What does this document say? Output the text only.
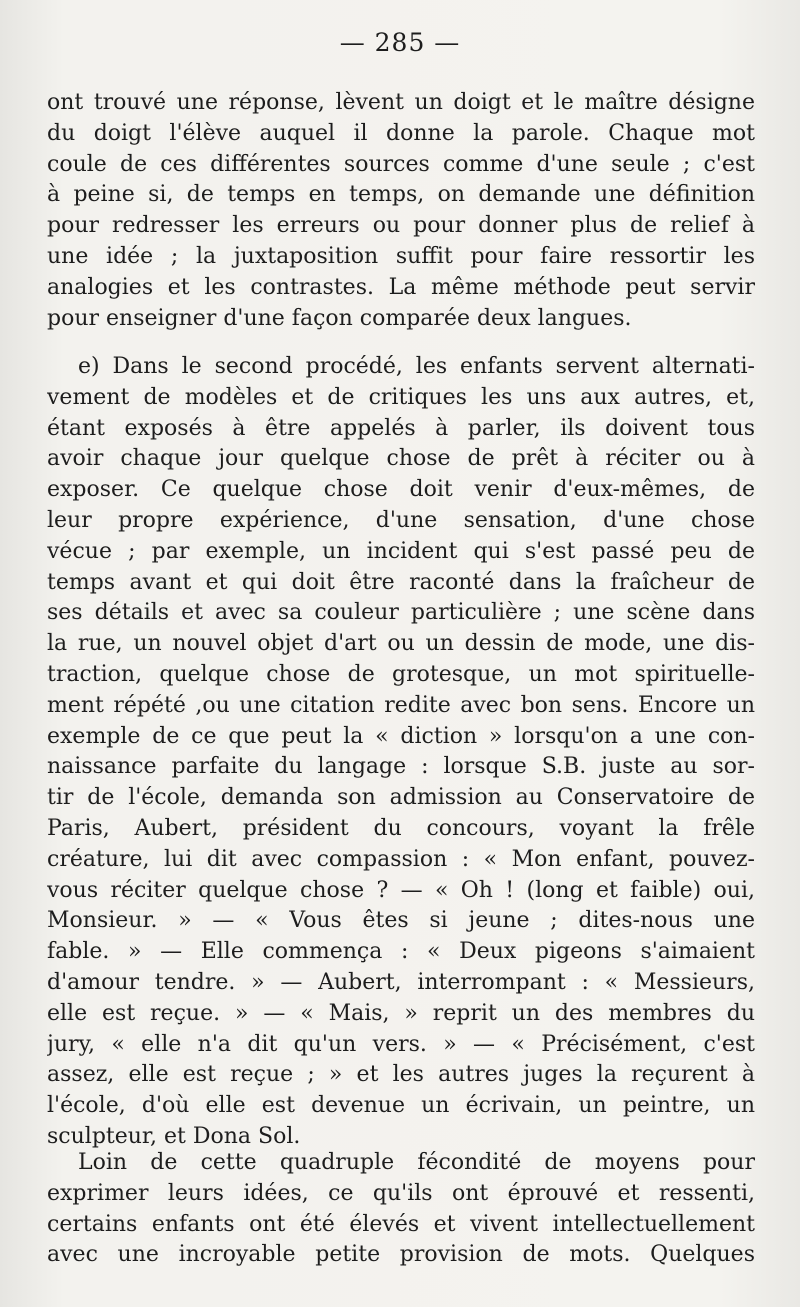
— 285 —
ont trouvé une réponse, lèvent un doigt et le maître désigne
du doigt l'élève auquel il donne la parole. Chaque mot
coule de ces différentes sources comme d'une seule ; c'est
à peine si, de temps en temps, on demande une définition
pour redresser les erreurs ou pour donner plus de relief à
une idée ; la juxtaposition suffit pour faire ressortir les
analogies et les contrastes. La même méthode peut servir
pour enseigner d'une façon comparée deux langues.
e) Dans le second procédé, les enfants servent alternati-
vement de modèles et de critiques les uns aux autres, et,
étant exposés à être appelés à parler, ils doivent tous
avoir chaque jour quelque chose de prêt à réciter ou à
exposer. Ce quelque chose doit venir d'eux-mêmes, de
leur propre expérience, d'une sensation, d'une chose
vécue ; par exemple, un incident qui s'est passé peu de
temps avant et qui doit être raconté dans la fraîcheur de
ses détails et avec sa couleur particulière ; une scène dans
la rue, un nouvel objet d'art ou un dessin de mode, une dis-
traction, quelque chose de grotesque, un mot spirituelle-
ment répété ,ou une citation redite avec bon sens. Encore un
exemple de ce que peut la « diction » lorsqu'on a une con-
naissance parfaite du langage : lorsque S.B. juste au sor-
tir de l'école, demanda son admission au Conservatoire de
Paris, Aubert, président du concours, voyant la frêle
créature, lui dit avec compassion : « Mon enfant, pouvez-
vous réciter quelque chose ? — « Oh ! (long et faible) oui,
Monsieur. » — « Vous êtes si jeune ; dites-nous une
fable. » — Elle commença : « Deux pigeons s'aimaient
d'amour tendre. » — Aubert, interrompant : « Messieurs,
elle est reçue. » — « Mais, » reprit un des membres du
jury, « elle n'a dit qu'un vers. » — « Précisément, c'est
assez, elle est reçue ; » et les autres juges la reçurent à
l'école, d'où elle est devenue un écrivain, un peintre, un
sculpteur, et Dona Sol.
Loin de cette quadruple fécondité de moyens pour
exprimer leurs idées, ce qu'ils ont éprouvé et ressenti,
certains enfants ont été élevés et vivent intellectuellement
avec une incroyable petite provision de mots. Quelques
